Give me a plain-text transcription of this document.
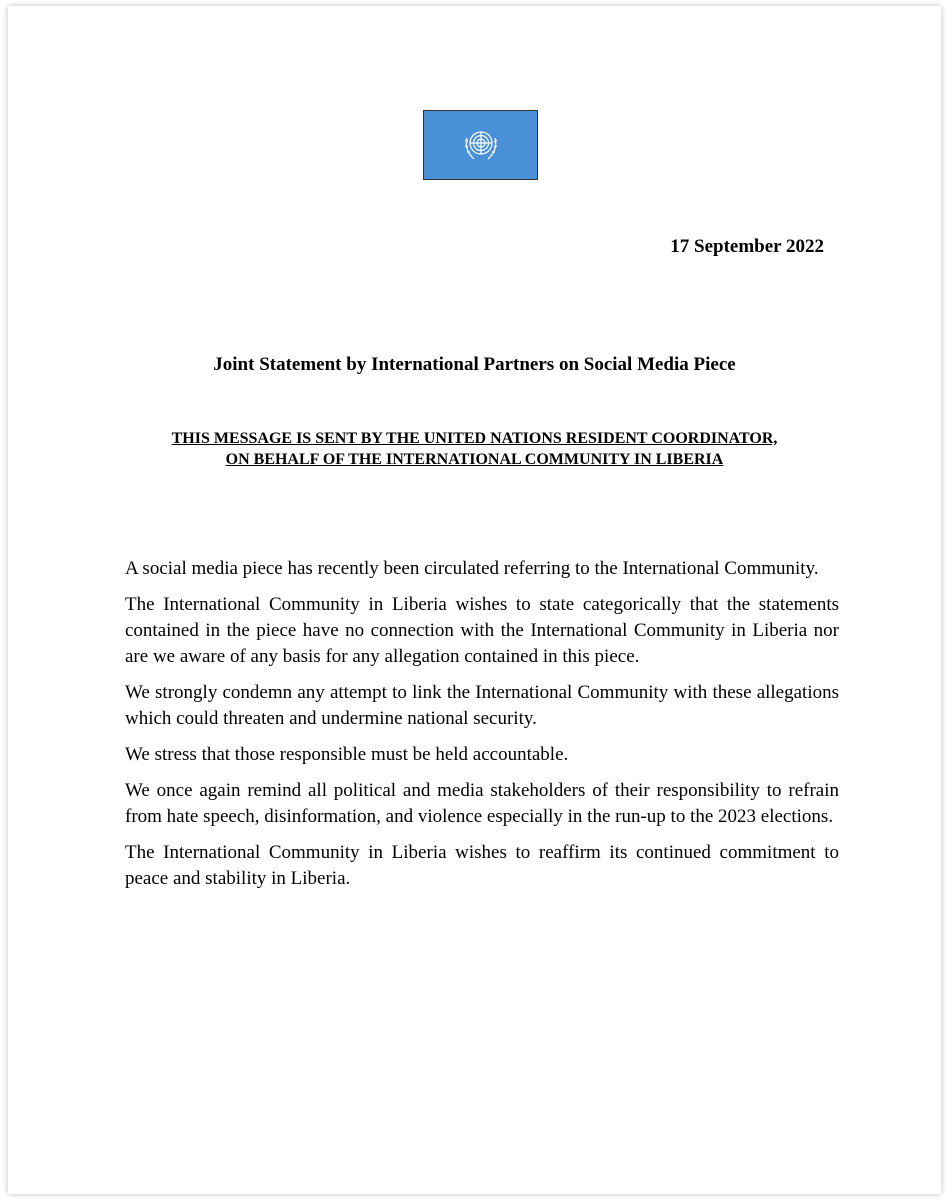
17 September 2022
Joint Statement by International Partners on Social Media Piece
THIS MESSAGE IS SENT BY THE UNITED NATIONS RESIDENT COORDINATOR,
ON BEHALF OF THE INTERNATIONAL COMMUNITY IN LIBERIA

A social media piece has recently been circulated referring to the International Community.

The International Community in Liberia wishes to state categorically that the statements contained in the piece have no connection with the International Community in Liberia nor are we aware of any basis for any allegation contained in this piece.

We strongly condemn any attempt to link the International Community with these allegations which could threaten and undermine national security.

We stress that those responsible must be held accountable.

We once again remind all political and media stakeholders of their responsibility to refrain from hate speech, disinformation, and violence especially in the run-up to the 2023 elections.

The International Community in Liberia wishes to reaffirm its continued commitment to peace and stability in Liberia.
